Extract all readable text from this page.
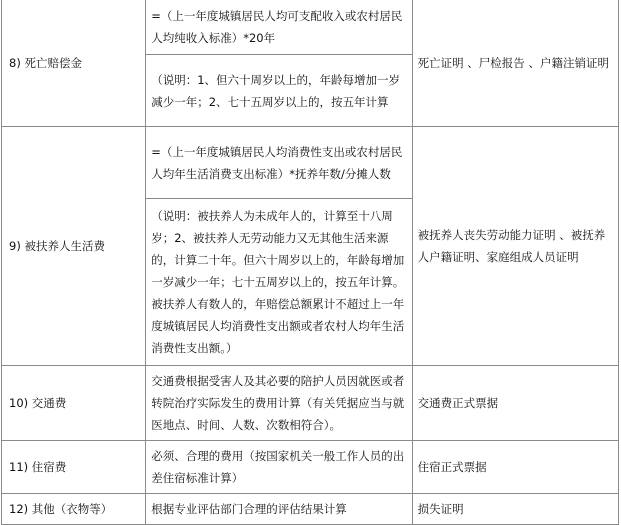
8) 死亡赔偿金	=（上一年度城镇居民人均可支配收入或农村居民人均纯收入标准）*20年	死亡证明 、尸检报告 、户籍注销证明
	（说明：1、但六十周岁以上的，年龄每增加一岁减少一年；2、七十五周岁以上的，按五年计算	
9) 被扶养人生活费	=（上一年度城镇居民人均消费性支出或农村居民人均年生活消费支出标准）*抚养年数/分摊人数	被抚养人丧失劳动能力证明 、被抚养人户籍证明、家庭组成人员证明
	（说明：被扶养人为未成年人的，计算至十八周岁；2、被扶养人无劳动能力又无其他生活来源的，计算二十年。但六十周岁以上的，年龄每增加一岁减少一年；七十五周岁以上的，按五年计算。被扶养人有数人的，年赔偿总额累计不超过上一年度城镇居民人均消费性支出额或者农村人均年生活消费性支出额。）	
10) 交通费	交通费根据受害人及其必要的陪护人员因就医或者转院治疗实际发生的费用计算（有关凭据应当与就医地点、时间、人数、次数相符合）。	交通费正式票据
11) 住宿费	必须、合理的费用（按国家机关一般工作人员的出差住宿标准计算）	住宿正式票据
12) 其他（衣物等）	根据专业评估部门合理的评估结果计算	损失证明
